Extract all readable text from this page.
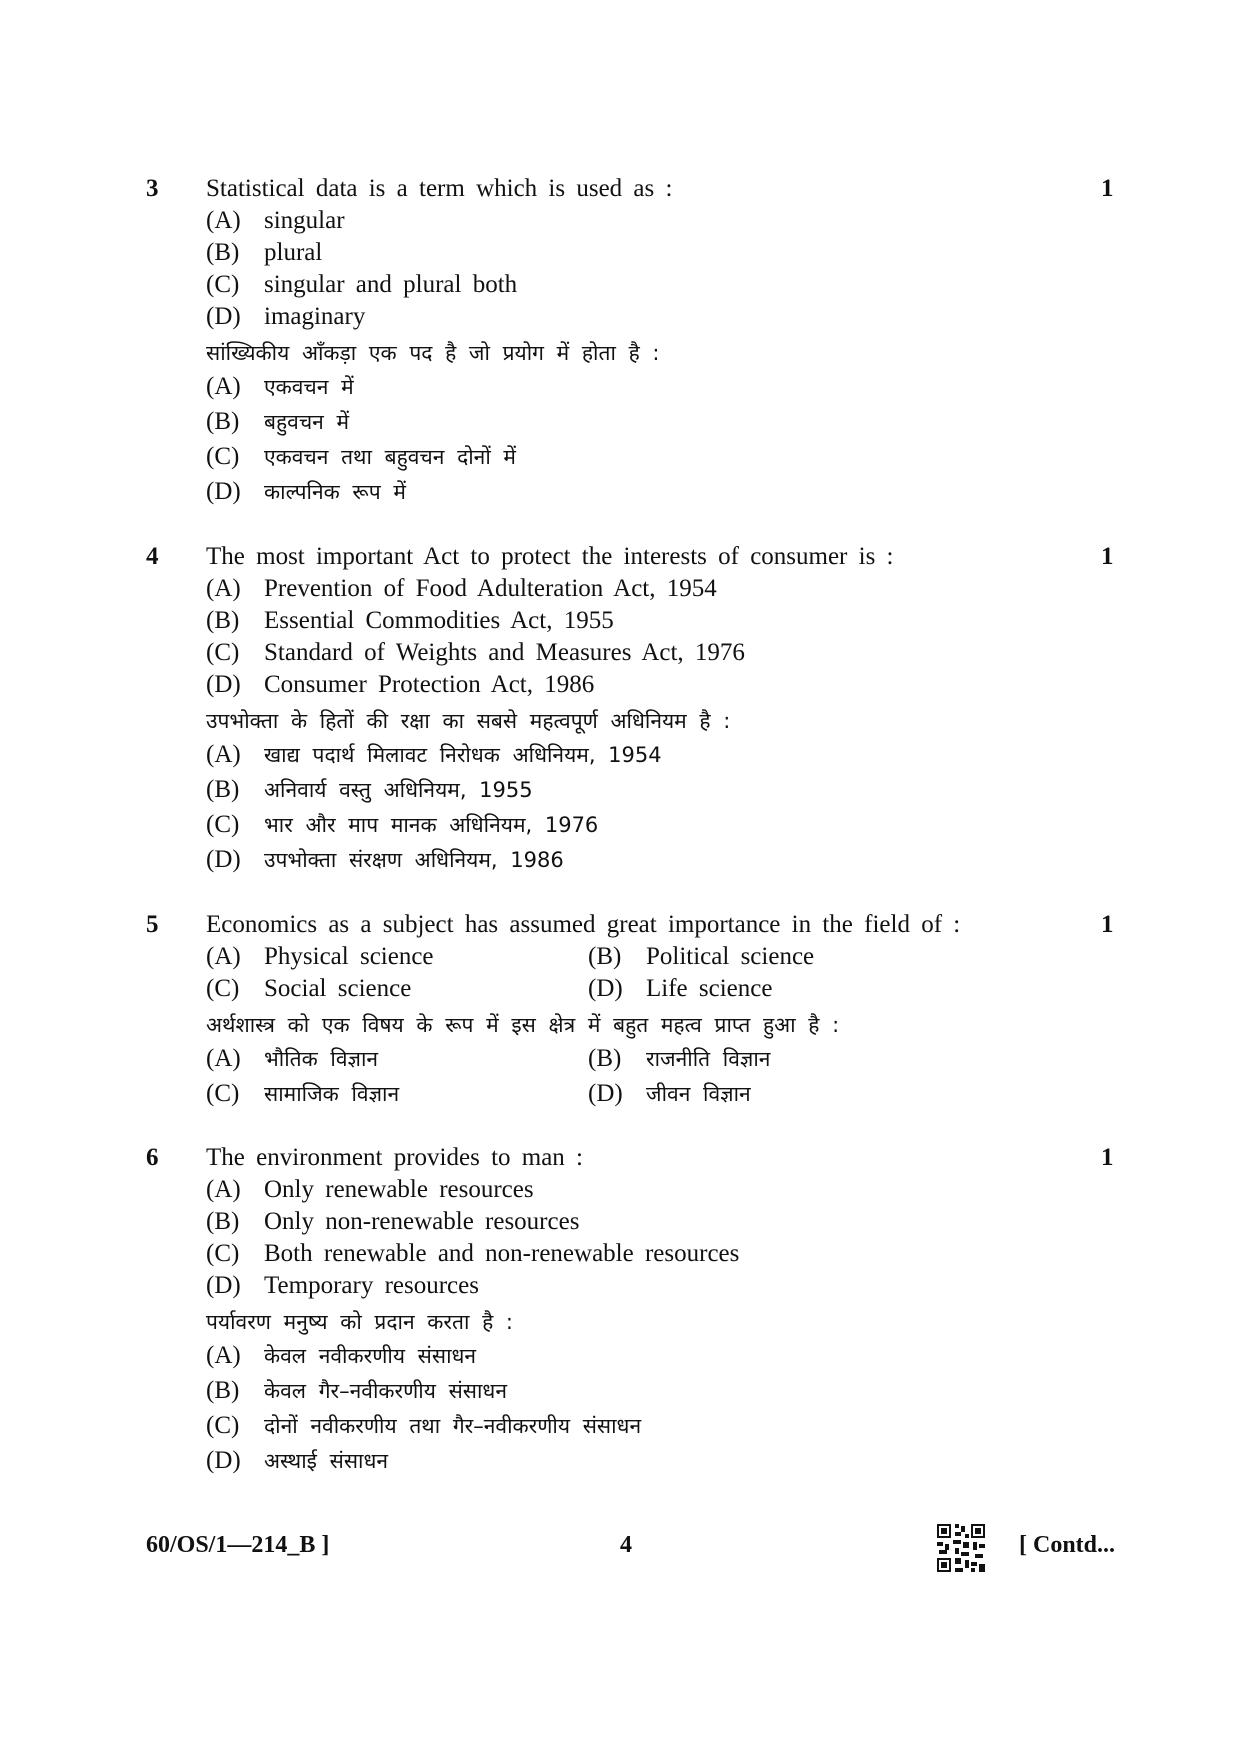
3	1
Statistical data is a term which is used as :
(A) singular
(B) plural
(C) singular and plural both
(D) imaginary
सांख्यिकीय आँकड़ा एक पद है जो प्रयोग में होता है :
(A) एकवचन में
(B) बहुवचन में
(C) एकवचन तथा बहुवचन दोनों में
(D) काल्पनिक रूप में
4	1
The most important Act to protect the interests of consumer is :
(A) Prevention of Food Adulteration Act, 1954
(B) Essential Commodities Act, 1955
(C) Standard of Weights and Measures Act, 1976
(D) Consumer Protection Act, 1986
उपभोक्ता के हितों की रक्षा का सबसे महत्वपूर्ण अधिनियम है :
(A) खाद्य पदार्थ मिलावट निरोधक अधिनियम, 1954
(B) अनिवार्य वस्तु अधिनियम, 1955
(C) भार और माप मानक अधिनियम, 1976
(D) उपभोक्ता संरक्षण अधिनियम, 1986
5	1
Economics as a subject has assumed great importance in the field of :
(A) Physical science	(B) Political science
(C) Social science	(D) Life science
अर्थशास्त्र को एक विषय के रूप में इस क्षेत्र में बहुत महत्व प्राप्त हुआ है :
(A) भौतिक विज्ञान	(B) राजनीति विज्ञान
(C) सामाजिक विज्ञान	(D) जीवन विज्ञान
6	1
The environment provides to man :
(A) Only renewable resources
(B) Only non-renewable resources
(C) Both renewable and non-renewable resources
(D) Temporary resources
पर्यावरण मनुष्य को प्रदान करता है :
(A) केवल नवीकरणीय संसाधन
(B) केवल गैर–नवीकरणीय संसाधन
(C) दोनों नवीकरणीय तथा गैर–नवीकरणीय संसाधन
(D) अस्थाई संसाधन
60/OS/1—214_B ]	4	[ Contd...
